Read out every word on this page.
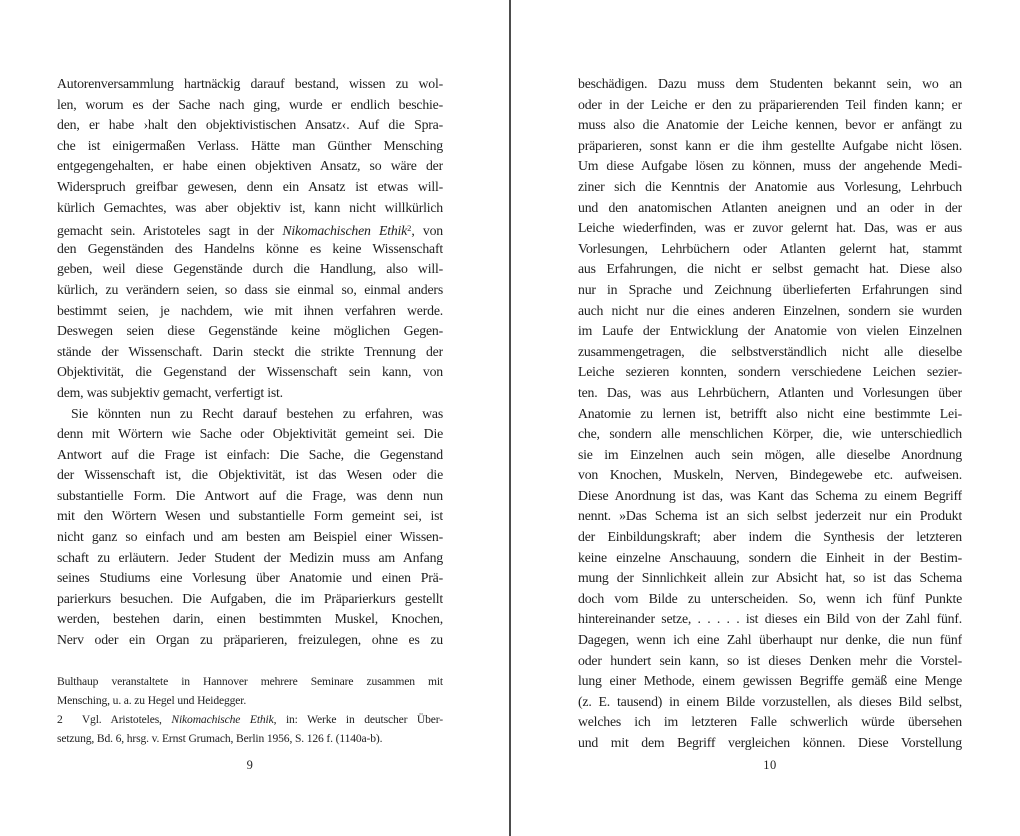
Autorenversammlung hartnäckig darauf bestand, wissen zu wol-
len, worum es der Sache nach ging, wurde er endlich beschie-
den, er habe ›halt den objektivistischen Ansatz‹. Auf die Spra-
che ist einigermaßen Verlass. Hätte man Günther Mensching
entgegengehalten, er habe einen objektiven Ansatz, so wäre der
Widerspruch greifbar gewesen, denn ein Ansatz ist etwas will-
kürlich Gemachtes, was aber objektiv ist, kann nicht willkürlich
gemacht sein. Aristoteles sagt in der Nikomachischen Ethik$^2$, von
den Gegenständen des Handelns könne es keine Wissenschaft
geben, weil diese Gegenstände durch die Handlung, also will-
kürlich, zu verändern seien, so dass sie einmal so, einmal anders
bestimmt seien, je nachdem, wie mit ihnen verfahren werde.
Deswegen seien diese Gegenstände keine möglichen Gegen-
stände der Wissenschaft. Darin steckt die strikte Trennung der
Objektivität, die Gegenstand der Wissenschaft sein kann, von
dem, was subjektiv gemacht, verfertigt ist.
Sie könnten nun zu Recht darauf bestehen zu erfahren, was
denn mit Wörtern wie Sache oder Objektivität gemeint sei. Die
Antwort auf die Frage ist einfach: Die Sache, die Gegenstand
der Wissenschaft ist, die Objektivität, ist das Wesen oder die
substantielle Form. Die Antwort auf die Frage, was denn nun
mit den Wörtern Wesen und substantielle Form gemeint sei, ist
nicht ganz so einfach und am besten am Beispiel einer Wissen-
schaft zu erläutern. Jeder Student der Medizin muss am Anfang
seines Studiums eine Vorlesung über Anatomie und einen Prä-
parierkurs besuchen. Die Aufgaben, die im Präparierkurs gestellt
werden, bestehen darin, einen bestimmten Muskel, Knochen,
Nerv oder ein Organ zu präparieren, freizulegen, ohne es zu
Bulthaup veranstaltete in Hannover mehrere Seminare zusammen mit
Mensching, u. a. zu Hegel und Heidegger.
2  Vgl. Aristoteles, Nikomachische Ethik, in: Werke in deutscher Über-
setzung, Bd. 6, hrsg. v. Ernst Grumach, Berlin 1956, S. 126 f. (1140a-b).
beschädigen. Dazu muss dem Studenten bekannt sein, wo an
oder in der Leiche er den zu präparierenden Teil finden kann; er
muss also die Anatomie der Leiche kennen, bevor er anfängt zu
präparieren, sonst kann er die ihm gestellte Aufgabe nicht lösen.
Um diese Aufgabe lösen zu können, muss der angehende Medi-
ziner sich die Kenntnis der Anatomie aus Vorlesung, Lehrbuch
und den anatomischen Atlanten aneignen und an oder in der
Leiche wiederfinden, was er zuvor gelernt hat. Das, was er aus
Vorlesungen, Lehrbüchern oder Atlanten gelernt hat, stammt
aus Erfahrungen, die nicht er selbst gemacht hat. Diese also
nur in Sprache und Zeichnung überlieferten Erfahrungen sind
auch nicht nur die eines anderen Einzelnen, sondern sie wurden
im Laufe der Entwicklung der Anatomie von vielen Einzelnen
zusammengetragen, die selbstverständlich nicht alle dieselbe
Leiche sezieren konnten, sondern verschiedene Leichen sezier-
ten. Das, was aus Lehrbüchern, Atlanten und Vorlesungen über
Anatomie zu lernen ist, betrifft also nicht eine bestimmte Lei-
che, sondern alle menschlichen Körper, die, wie unterschiedlich
sie im Einzelnen auch sein mögen, alle dieselbe Anordnung
von Knochen, Muskeln, Nerven, Bindegewebe etc. aufweisen.
Diese Anordnung ist das, was Kant das Schema zu einem Begriff
nennt. »Das Schema ist an sich selbst jederzeit nur ein Produkt
der Einbildungskraft; aber indem die Synthesis der letzteren
keine einzelne Anschauung, sondern die Einheit in der Bestim-
mung der Sinnlichkeit allein zur Absicht hat, so ist das Schema
doch vom Bilde zu unterscheiden. So, wenn ich fünf Punkte
hintereinander setze, . . . . . ist dieses ein Bild von der Zahl fünf.
Dagegen, wenn ich eine Zahl überhaupt nur denke, die nun fünf
oder hundert sein kann, so ist dieses Denken mehr die Vorstel-
lung einer Methode, einem gewissen Begriffe gemäß eine Menge
(z. E. tausend) in einem Bilde vorzustellen, als dieses Bild selbst,
welches ich im letzteren Falle schwerlich würde übersehen
und mit dem Begriff vergleichen können. Diese Vorstellung
9	10
